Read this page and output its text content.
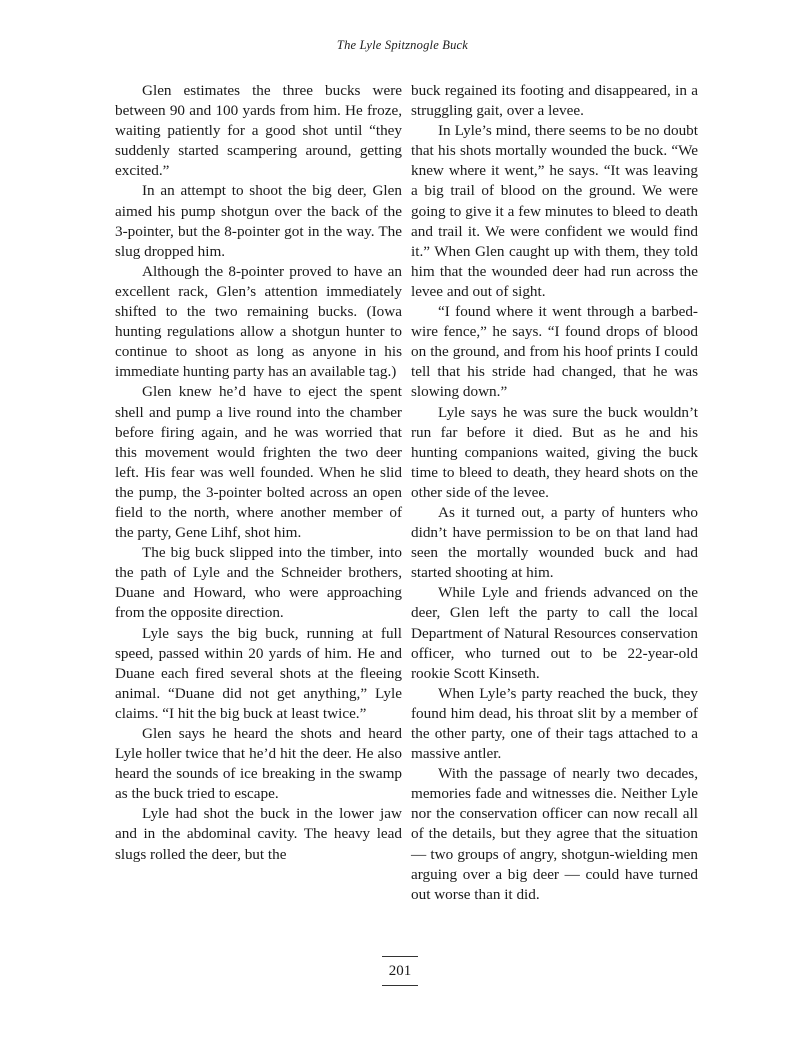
The Lyle Spitznogle Buck

Glen estimates the three bucks were between 90 and 100 yards from him. He froze, waiting patiently for a good shot until “they suddenly started scampering around, getting excited.”

In an attempt to shoot the big deer, Glen aimed his pump shotgun over the back of the 3-pointer, but the 8-pointer got in the way. The slug dropped him.

Although the 8-pointer proved to have an excellent rack, Glen’s attention immediately shifted to the two remaining bucks. (Iowa hunting regulations allow a shotgun hunter to continue to shoot as long as anyone in his immediate hunting party has an available tag.)

Glen knew he’d have to eject the spent shell and pump a live round into the chamber before firing again, and he was worried that this movement would frighten the two deer left. His fear was well founded. When he slid the pump, the 3-pointer bolted across an open field to the north, where another member of the party, Gene Lihf, shot him.

The big buck slipped into the timber, into the path of Lyle and the Schneider brothers, Duane and Howard, who were approaching from the opposite direction.

Lyle says the big buck, running at full speed, passed within 20 yards of him. He and Duane each fired several shots at the fleeing animal. “Duane did not get anything,” Lyle claims. “I hit the big buck at least twice.”

Glen says he heard the shots and heard Lyle holler twice that he’d hit the deer. He also heard the sounds of ice breaking in the swamp as the buck tried to escape.

Lyle had shot the buck in the lower jaw and in the abdominal cavity. The heavy lead slugs rolled the deer, but the

buck regained its footing and disappeared, in a struggling gait, over a levee.

In Lyle’s mind, there seems to be no doubt that his shots mortally wounded the buck. “We knew where it went,” he says. “It was leaving a big trail of blood on the ground. We were going to give it a few minutes to bleed to death and trail it. We were confident we would find it.” When Glen caught up with them, they told him that the wounded deer had run across the levee and out of sight.

“I found where it went through a barbed-wire fence,” he says. “I found drops of blood on the ground, and from his hoof prints I could tell that his stride had changed, that he was slowing down.”

Lyle says he was sure the buck wouldn’t run far before it died. But as he and his hunting companions waited, giving the buck time to bleed to death, they heard shots on the other side of the levee.

As it turned out, a party of hunters who didn’t have permission to be on that land had seen the mortally wounded buck and had started shooting at him.

While Lyle and friends advanced on the deer, Glen left the party to call the local Department of Natural Resources conservation officer, who turned out to be 22-year-old rookie Scott Kinseth.

When Lyle’s party reached the buck, they found him dead, his throat slit by a member of the other party, one of their tags attached to a massive antler.

With the passage of nearly two decades, memories fade and witnesses die. Neither Lyle nor the conservation officer can now recall all of the details, but they agree that the situation — two groups of angry, shotgun-wielding men arguing over a big deer — could have turned out worse than it did.

201
